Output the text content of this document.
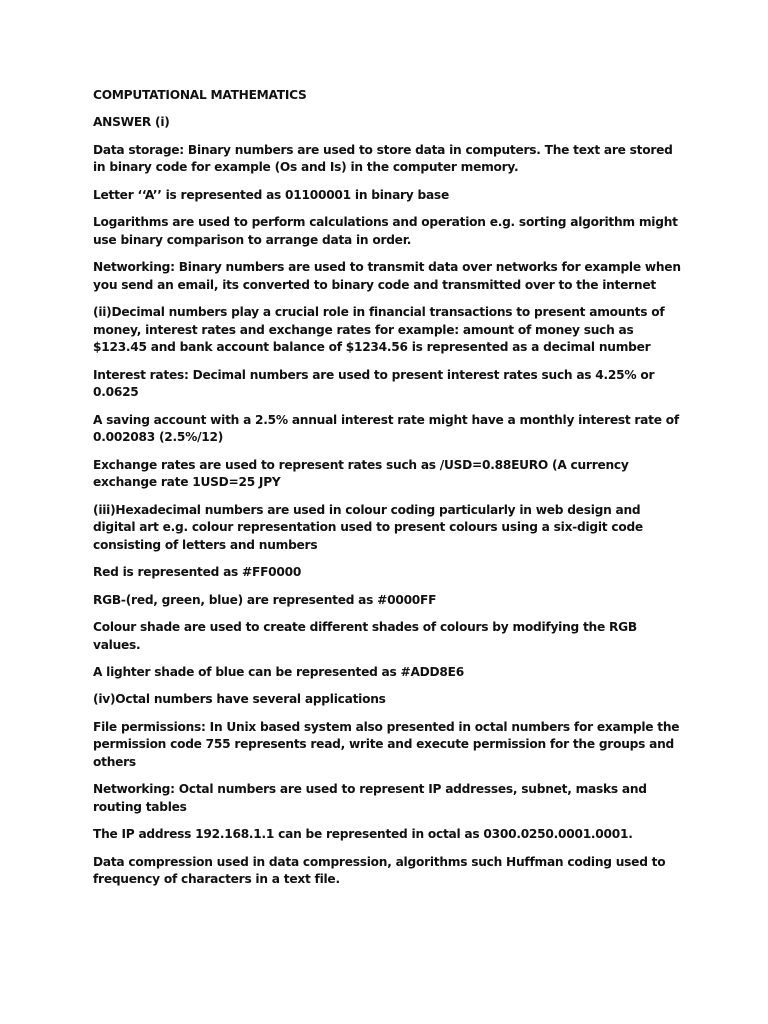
COMPUTATIONAL MATHEMATICS

ANSWER (i)

Data storage: Binary numbers are used to store data in computers. The text are stored in binary code for example (Os and Is) in the computer memory.

Letter ‘‘A’’ is represented as 01100001 in binary base

Logarithms are used to perform calculations and operation e.g. sorting algorithm might use binary comparison to arrange data in order.

Networking: Binary numbers are used to transmit data over networks for example when you send an email, its converted to binary code and transmitted over to the internet

(ii)Decimal numbers play a crucial role in financial transactions to present amounts of money, interest rates and exchange rates for example: amount of money such as $123.45 and bank account balance of $1234.56 is represented as a decimal number

Interest rates: Decimal numbers are used to present interest rates such as 4.25% or 0.0625

A saving account with a 2.5% annual interest rate might have a monthly interest rate of 0.002083 (2.5%/12)

Exchange rates are used to represent rates such as /USD=0.88EURO (A currency exchange rate 1USD=25 JPY

(iii)Hexadecimal numbers are used in colour coding particularly in web design and digital art e.g. colour representation used to present colours using a six-digit code consisting of letters and numbers

Red is represented as #FF0000

RGB-(red, green, blue) are represented as #0000FF

Colour shade are used to create different shades of colours by modifying the RGB values.

A lighter shade of blue can be represented as #ADD8E6

(iv)Octal numbers have several applications

File permissions: In Unix based system also presented in octal numbers for example the permission code 755 represents read, write and execute permission for the groups and others

Networking: Octal numbers are used to represent IP addresses, subnet, masks and routing tables

The IP address 192.168.1.1 can be represented in octal as 0300.0250.0001.0001.

Data compression used in data compression, algorithms such Huffman coding used to frequency of characters in a text file.
